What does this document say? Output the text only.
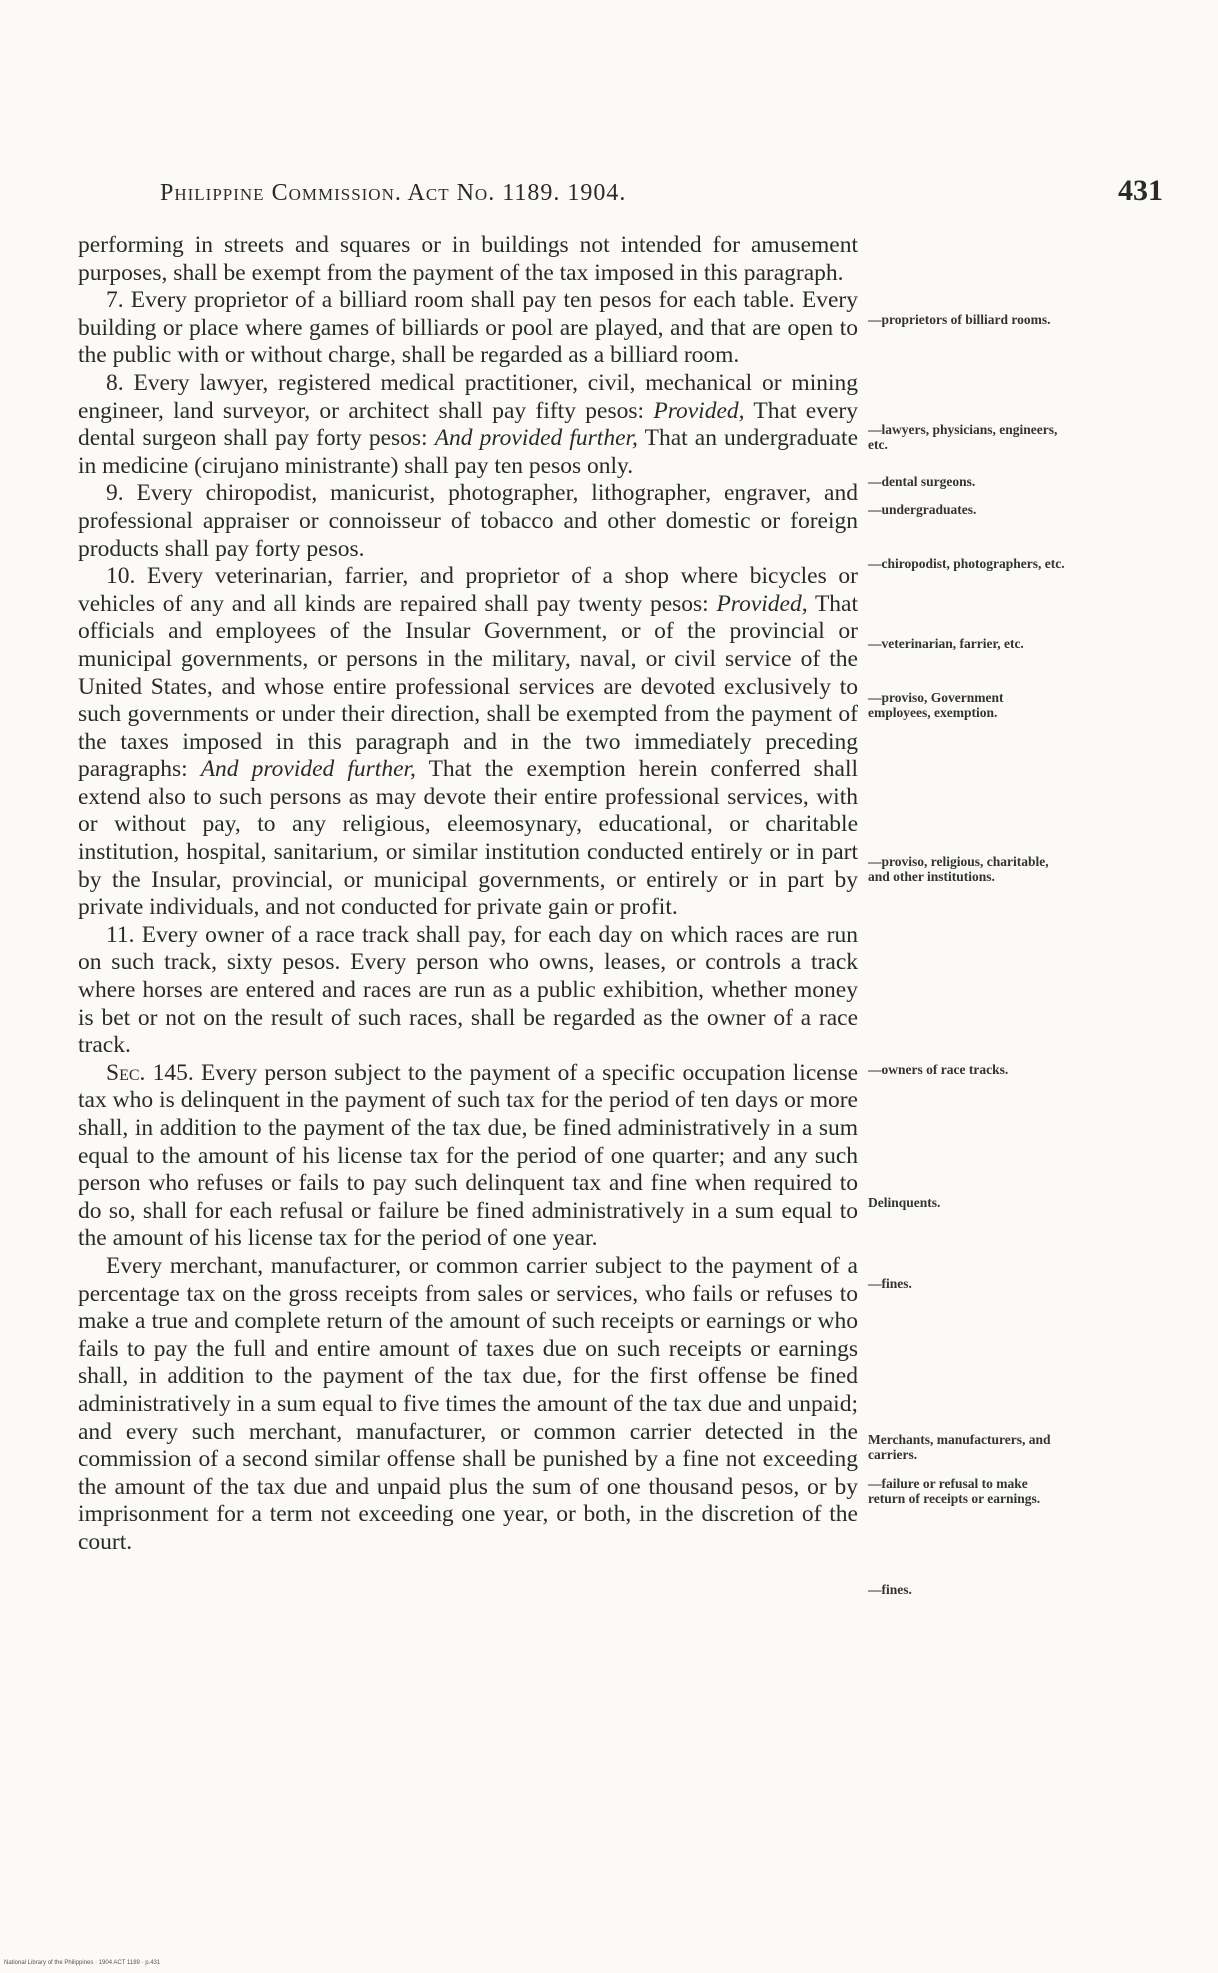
Philippine Commission. Act No. 1189. 1904.	431

performing in streets and squares or in buildings not intended for amusement purposes, shall be exempt from the payment of the tax imposed in this paragraph.

7. Every proprietor of a billiard room shall pay ten pesos for each table. Every building or place where games of billiards or pool are played, and that are open to the public with or without charge, shall be regarded as a billiard room.

8. Every lawyer, registered medical practitioner, civil, mechanical or mining engineer, land surveyor, or architect shall pay fifty pesos: Provided, That every dental surgeon shall pay forty pesos: And provided further, That an undergraduate in medicine (cirujano ministrante) shall pay ten pesos only.

9. Every chiropodist, manicurist, photographer, lithographer, engraver, and professional appraiser or connoisseur of tobacco and other domestic or foreign products shall pay forty pesos.

10. Every veterinarian, farrier, and proprietor of a shop where bicycles or vehicles of any and all kinds are repaired shall pay twenty pesos: Provided, That officials and employees of the Insular Government, or of the provincial or municipal governments, or persons in the military, naval, or civil service of the United States, and whose entire professional services are devoted exclusively to such governments or under their direction, shall be exempted from the payment of the taxes imposed in this paragraph and in the two immediately preceding paragraphs: And provided further, That the exemption herein conferred shall extend also to such persons as may devote their entire professional services, with or without pay, to any religious, eleemosynary, educational, or charitable institution, hospital, sanitarium, or similar institution conducted entirely or in part by the Insular, provincial, or municipal governments, or entirely or in part by private individuals, and not conducted for private gain or profit.

11. Every owner of a race track shall pay, for each day on which races are run on such track, sixty pesos. Every person who owns, leases, or controls a track where horses are entered and races are run as a public exhibition, whether money is bet or not on the result of such races, shall be regarded as the owner of a race track.

Sec. 145. Every person subject to the payment of a specific occupation license tax who is delinquent in the payment of such tax for the period of ten days or more shall, in addition to the payment of the tax due, be fined administratively in a sum equal to the amount of his license tax for the period of one quarter; and any such person who refuses or fails to pay such delinquent tax and fine when required to do so, shall for each refusal or failure be fined administratively in a sum equal to the amount of his license tax for the period of one year.

Every merchant, manufacturer, or common carrier subject to the payment of a percentage tax on the gross receipts from sales or services, who fails or refuses to make a true and complete return of the amount of such receipts or earnings or who fails to pay the full and entire amount of taxes due on such receipts or earnings shall, in addition to the payment of the tax due, for the first offense be fined administratively in a sum equal to five times the amount of the tax due and unpaid; and every such merchant, manufacturer, or common carrier detected in the commission of a second similar offense shall be punished by a fine not exceeding the amount of the tax due and unpaid plus the sum of one thousand pesos, or by imprisonment for a term not exceeding one year, or both, in the discretion of the court.

—proprietors of billiard rooms.
—lawyers, physicians, engineers, etc.
—dental surgeons.
—undergraduates.
—chiropodist, photographers, etc.
—veterinarian, farrier, etc.
—proviso, Government employees, exemption.
—proviso, religious, charitable, and other institutions.
—owners of race tracks.
Delinquents.
—fines.
Merchants, manufacturers, and carriers.
—failure or refusal to make return of receipts or earnings.
—fines.
National Library of the Philippines · 1904 ACT 1189 · p.431
